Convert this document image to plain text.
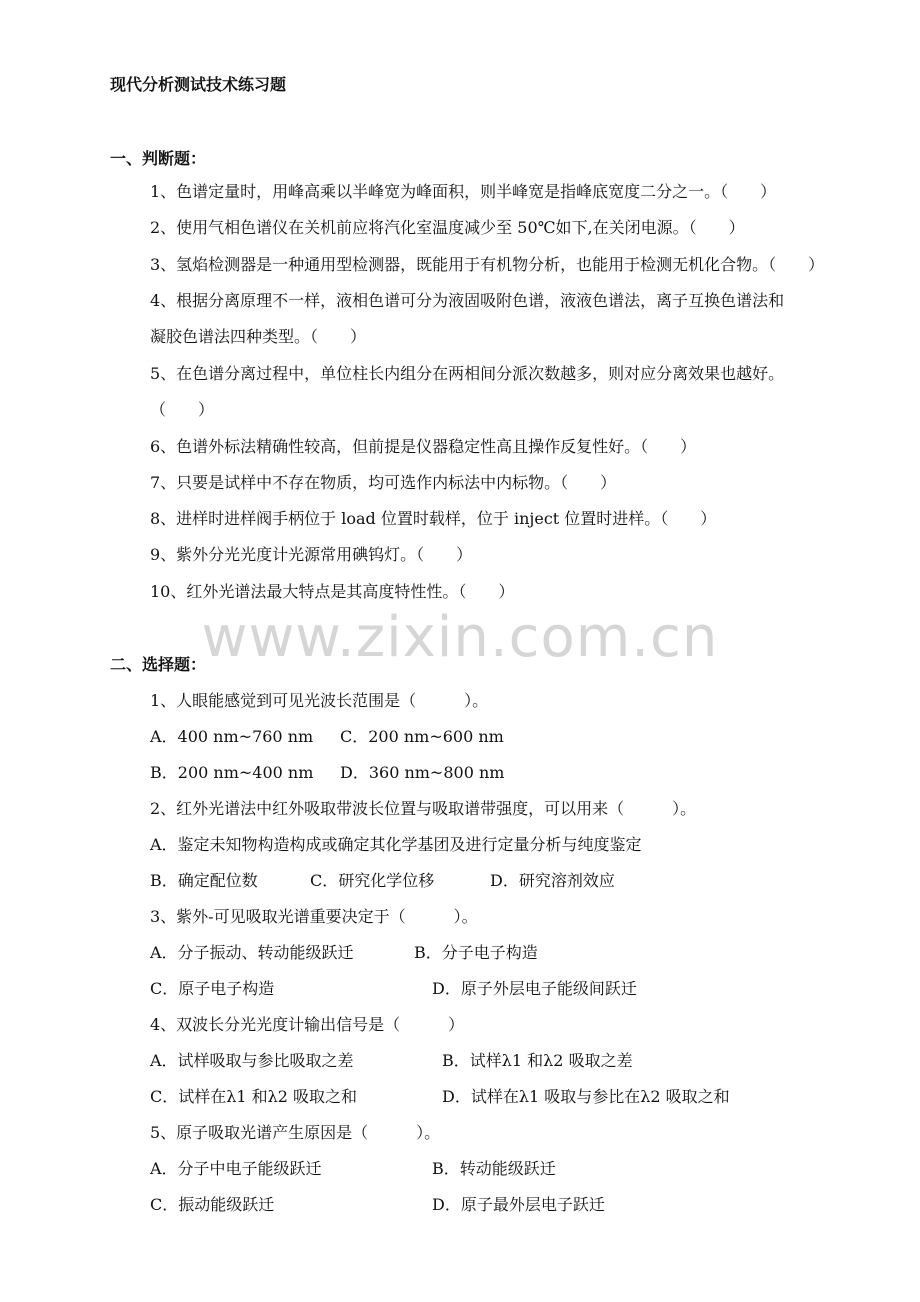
现代分析测试技术练习题
一、判断题：
1、色谱定量时，用峰高乘以半峰宽为峰面积，则半峰宽是指峰底宽度二分之一。（　　）
2、使用气相色谱仪在关机前应将汽化室温度减少至 50℃如下,在关闭电源。（　　）
3、氢焰检测器是一种通用型检测器，既能用于有机物分析，也能用于检测无机化合物。（　　）
4、根据分离原理不一样，液相色谱可分为液固吸附色谱，液液色谱法，离子互换色谱法和
凝胶色谱法四种类型。（　　）
5、在色谱分离过程中，单位柱长内组分在两相间分派次数越多，则对应分离效果也越好。
（　　）
6、色谱外标法精确性较高，但前提是仪器稳定性高且操作反复性好。（　　）
7、只要是试样中不存在物质，均可选作内标法中内标物。（　　）
8、进样时进样阀手柄位于 load 位置时载样，位于 inject 位置时进样。（　　）
9、紫外分光光度计光源常用碘钨灯。（　　）
10、红外光谱法最大特点是其高度特性性。（　　）
www.zixin.com.cn
二、选择题：
1、人眼能感觉到可见光波长范围是（　　　）。
A．400 nm~760 nm C．200 nm~600 nm
B．200 nm~400 nm D．360 nm~800 nm
2、红外光谱法中红外吸取带波长位置与吸取谱带强度，可以用来（　　　）。
A．鉴定未知物构造构成或确定其化学基团及进行定量分析与纯度鉴定
B．确定配位数	C．研究化学位移	D．研究溶剂效应
3、紫外-可见吸取光谱重要决定于（　　　）。
A．分子振动、转动能级跃迁	B．分子电子构造
C．原子电子构造	D．原子外层电子能级间跃迁
4、双波长分光光度计输出信号是（　　　）
A．试样吸取与参比吸取之差	B．试样λ1 和λ2 吸取之差
C．试样在λ1 和λ2 吸取之和	D．试样在λ1 吸取与参比在λ2 吸取之和
5、原子吸取光谱产生原因是（　　　）。
A．分子中电子能级跃迁	B．转动能级跃迁
C．振动能级跃迁	D．原子最外层电子跃迁
